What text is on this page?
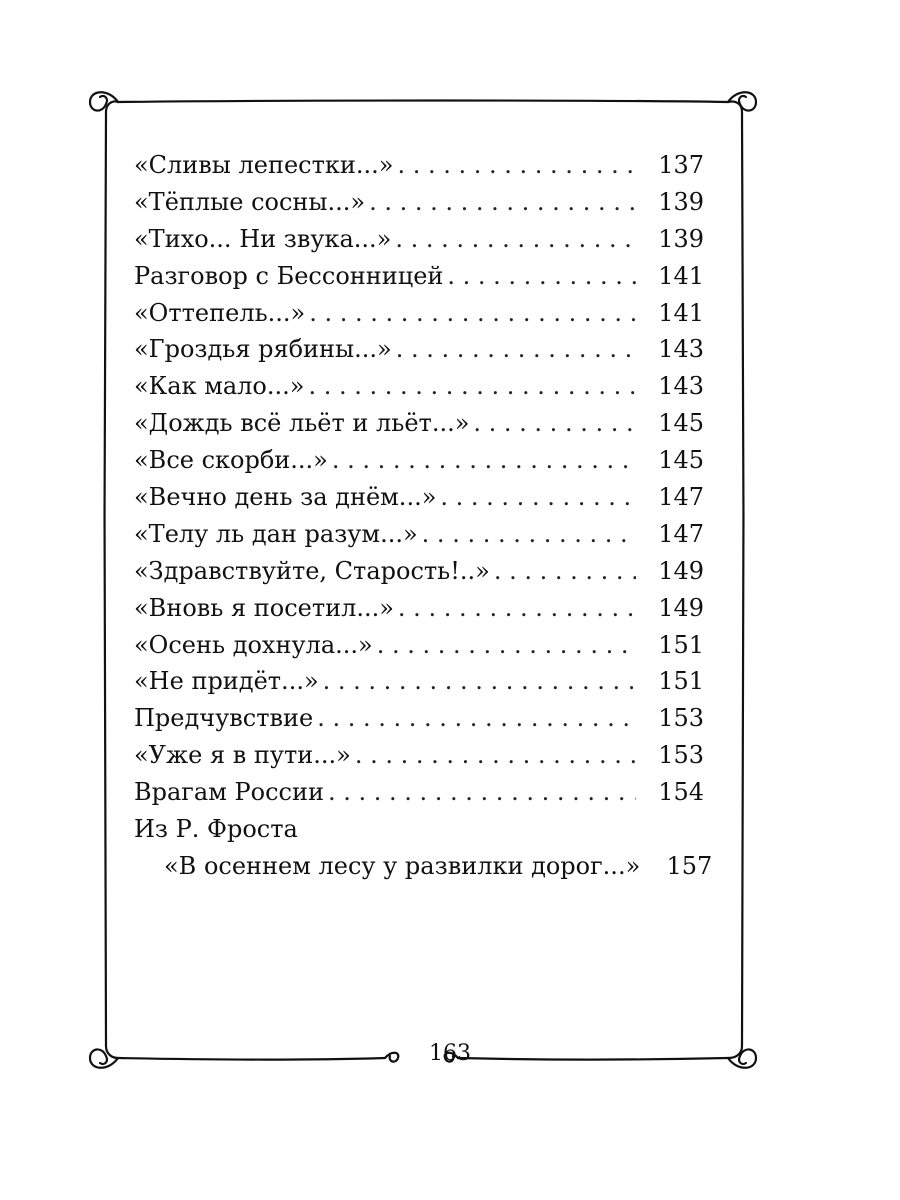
«Сливы лепестки...» . . .	137
«Тёплые сосны...» . . .	139
«Тихо... Ни звука...» . . .	139
Разговор с Бессонницей . . .	141
«Оттепель...» . . .	141
«Гроздья рябины...» . . .	143
«Как мало...» . . .	143
«Дождь всё льёт и льёт...» . . .	145
«Все скорби...» . . .	145
«Вечно день за днём...» . . .	147
«Телу ль дан разум...» . . .	147
«Здравствуйте, Старость!..» . . .	149
«Вновь я посетил...» . . .	149
«Осень дохнула...» . . .	151
«Не придёт...» . . .	151
Предчувствие . . .	153
«Уже я в пути...» . . .	153
Врагам России . . .	154
Из Р. Фроста
«В осеннем лесу у развилки дорог...»	157
163
